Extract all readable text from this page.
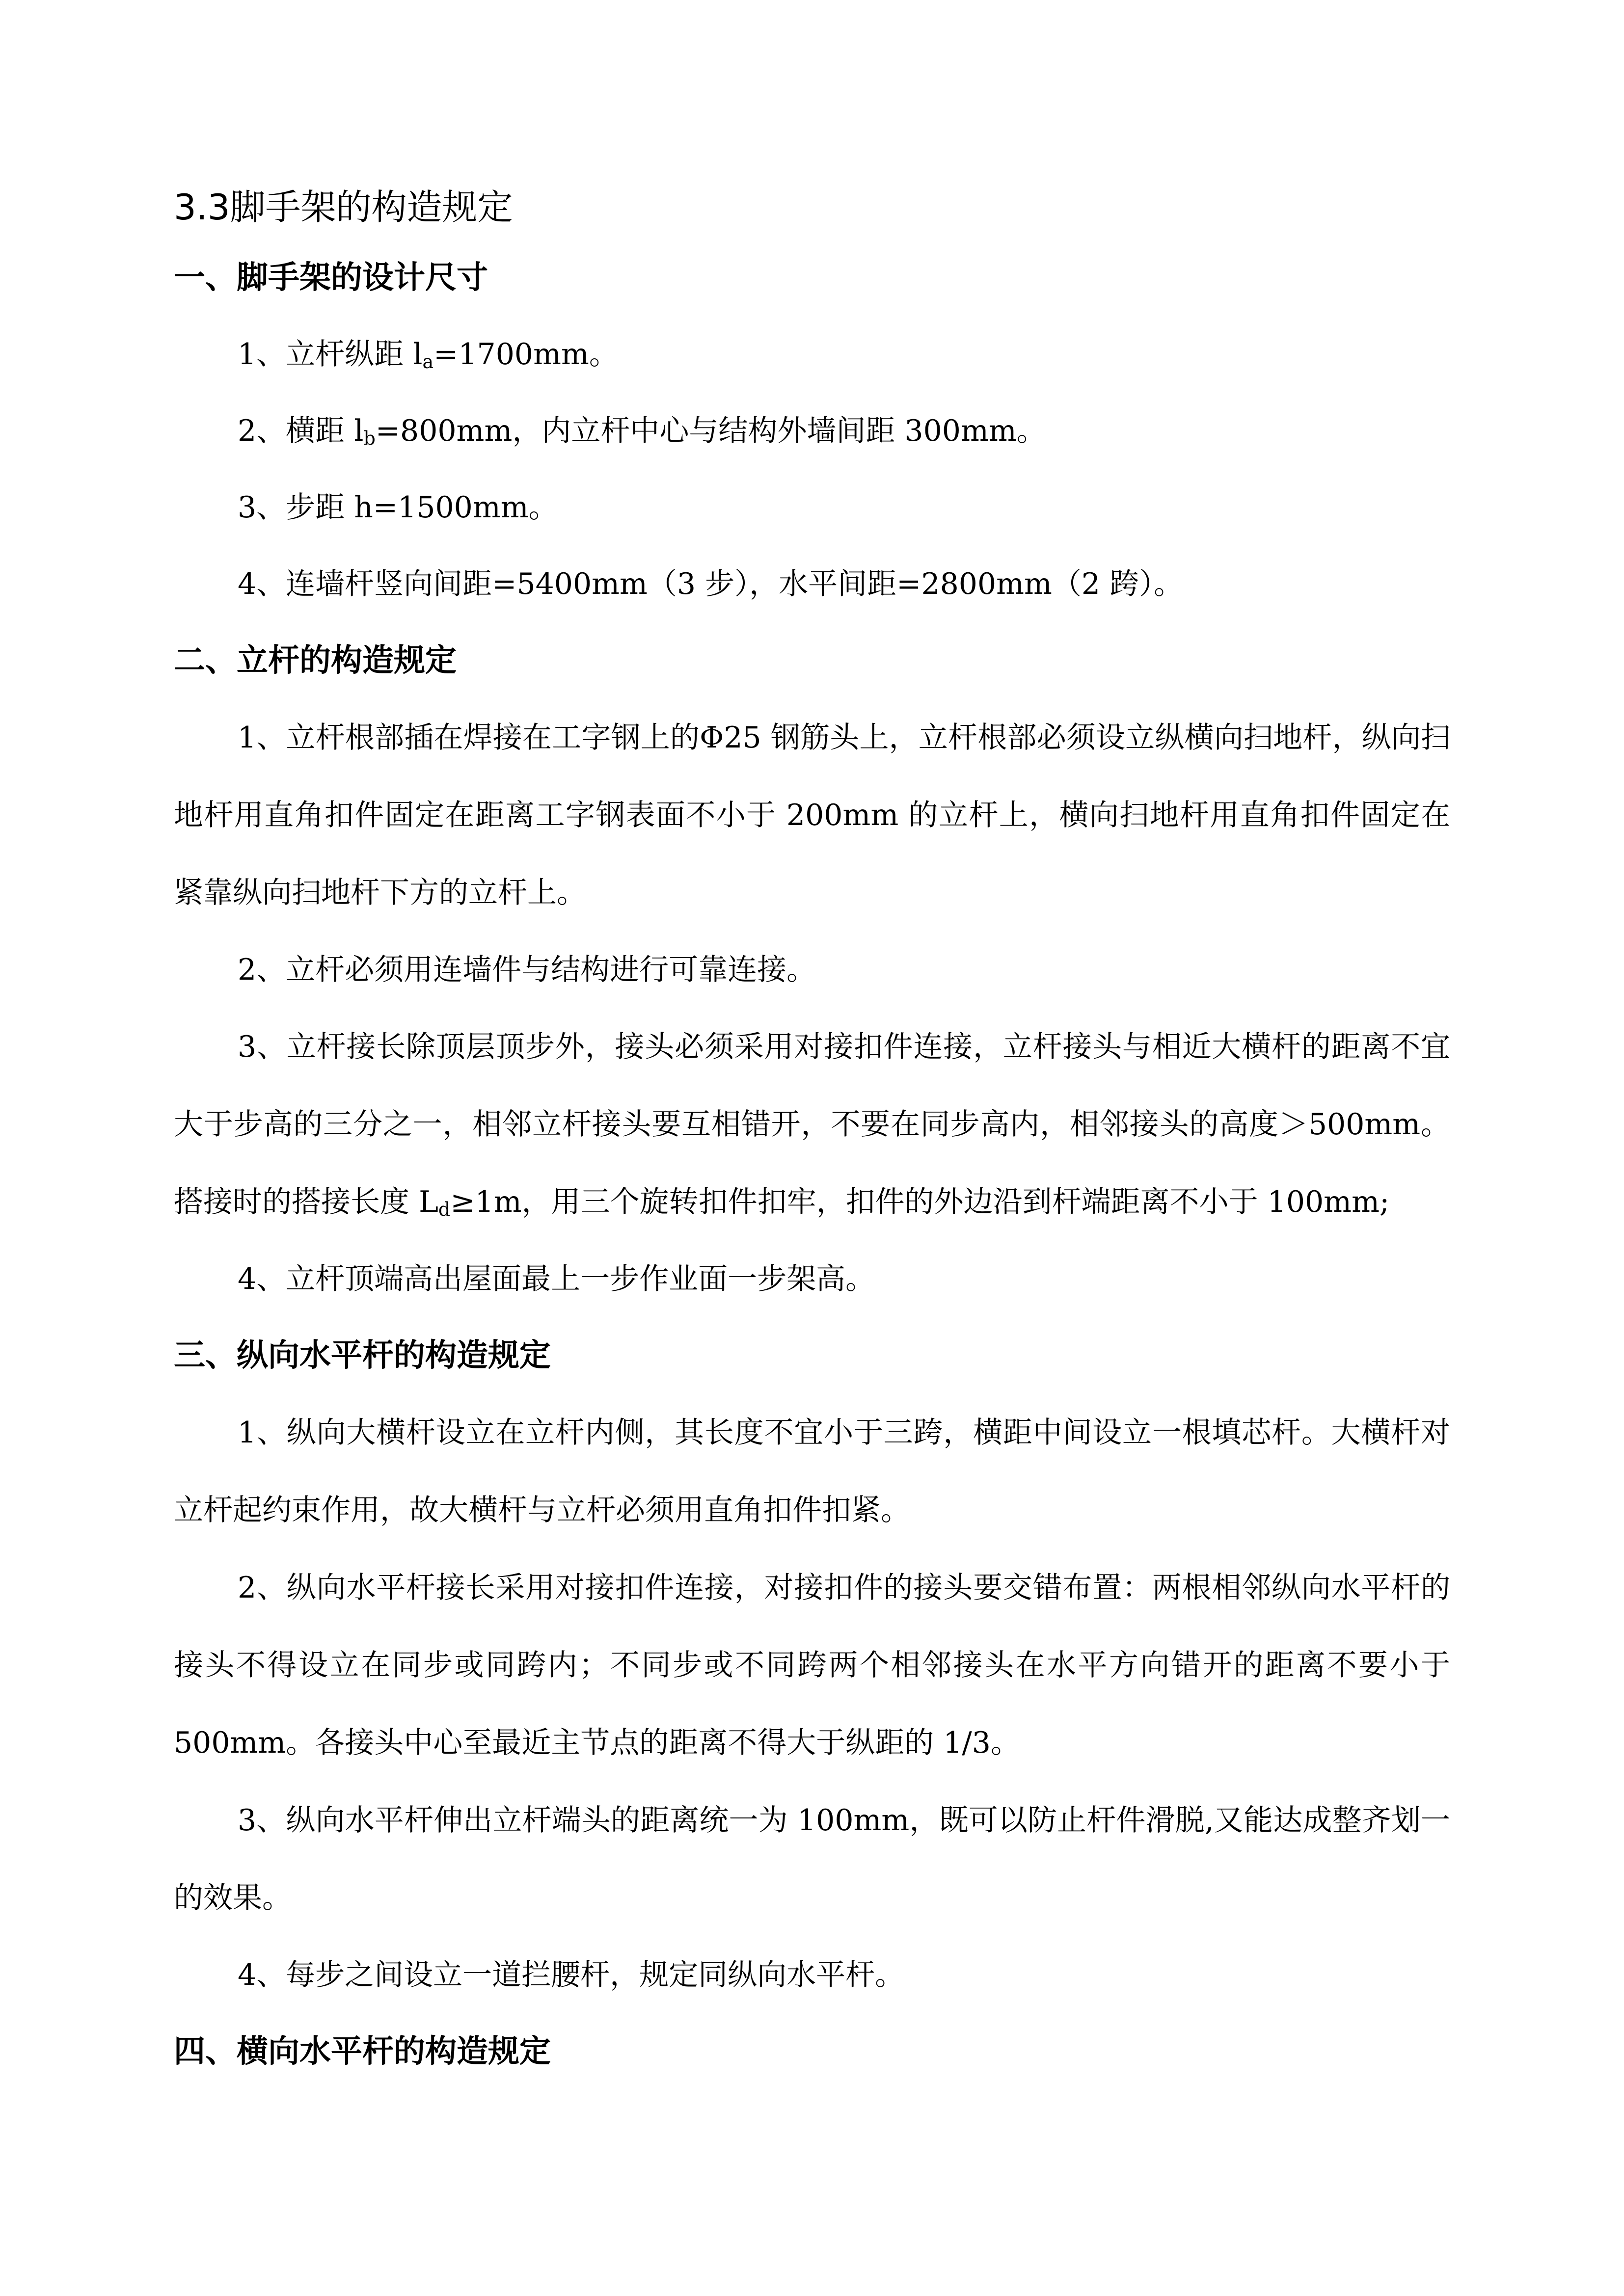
3.3脚手架的构造规定
一、脚手架的设计尺寸

1、立杆纵距 $l_a=1700mm$。

2、横距 $l_b=800mm$，内立杆中心与结构外墙间距 300mm。

3、步距 h=1500mm。

4、连墙杆竖向间距=5400mm（3 步），水平间距=2800mm（2 跨）。

二、立杆的构造规定

1、立杆根部插在焊接在工字钢上的Φ25 钢筋头上，立杆根部必须设立纵横向扫地杆，纵向扫地杆用直角扣件固定在距离工字钢表面不小于 200mm 的立杆上，横向扫地杆用直角扣件固定在紧靠纵向扫地杆下方的立杆上。

2、立杆必须用连墙件与结构进行可靠连接。

3、立杆接长除顶层顶步外，接头必须采用对接扣件连接，立杆接头与相近大横杆的距离不宜大于步高的三分之一，相邻立杆接头要互相错开，不要在同步高内，相邻接头的高度＞500mm。搭接时的搭接长度 $L_d\ge 1m$，用三个旋转扣件扣牢，扣件的外边沿到杆端距离不小于 100mm;

4、立杆顶端高出屋面最上一步作业面一步架高。

三、纵向水平杆的构造规定

1、纵向大横杆设立在立杆内侧，其长度不宜小于三跨，横距中间设立一根填芯杆。大横杆对立杆起约束作用，故大横杆与立杆必须用直角扣件扣紧。

2、纵向水平杆接长采用对接扣件连接，对接扣件的接头要交错布置：两根相邻纵向水平杆的接头不得设立在同步或同跨内；不同步或不同跨两个相邻接头在水平方向错开的距离不要小于 500mm。各接头中心至最近主节点的距离不得大于纵距的 1/3。

3、纵向水平杆伸出立杆端头的距离统一为 100mm，既可以防止杆件滑脱,又能达成整齐划一的效果。

4、每步之间设立一道拦腰杆，规定同纵向水平杆。

四、横向水平杆的构造规定
